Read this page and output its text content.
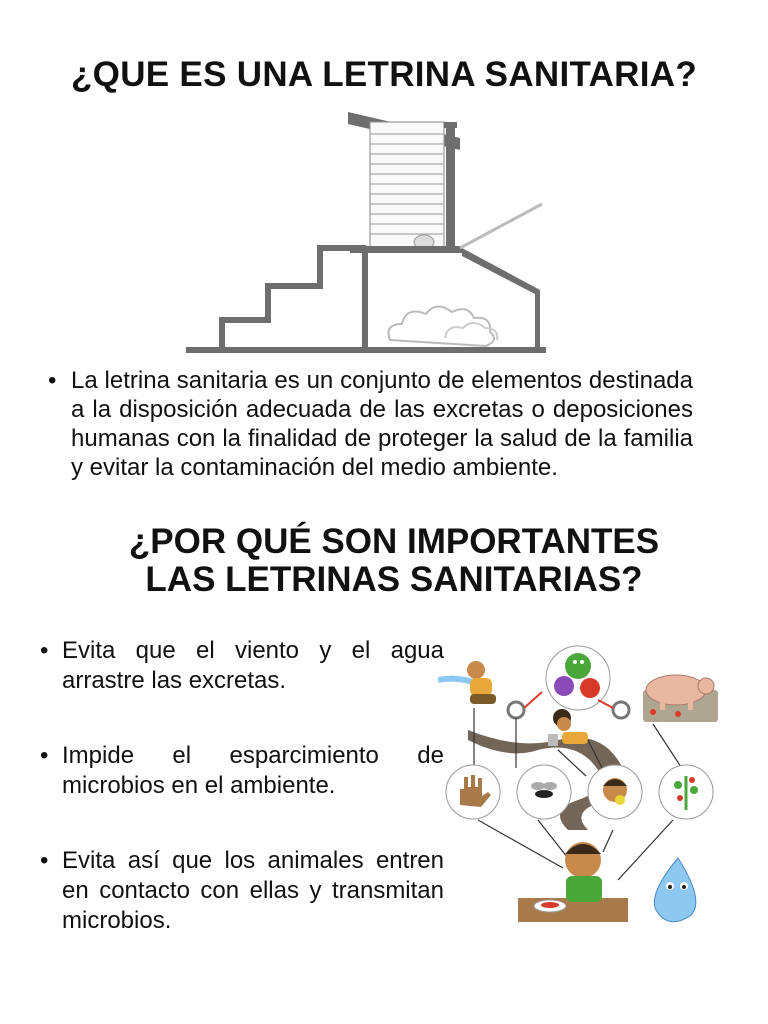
¿QUE ES UNA LETRINA SANITARIA?
• La letrina sanitaria es un conjunto de elementos destinada a la disposición adecuada de las excretas o deposiciones humanas con la finalidad de proteger la salud de la familia y evitar la contaminación del medio ambiente.
¿POR QUÉ SON IMPORTANTES
LAS LETRINAS SANITARIAS?
• Evita que el viento y el agua arrastre las excretas.
• Impide el esparcimiento de microbios en el ambiente.
• Evita así que los animales entren en contacto con ellas y transmitan microbios.
